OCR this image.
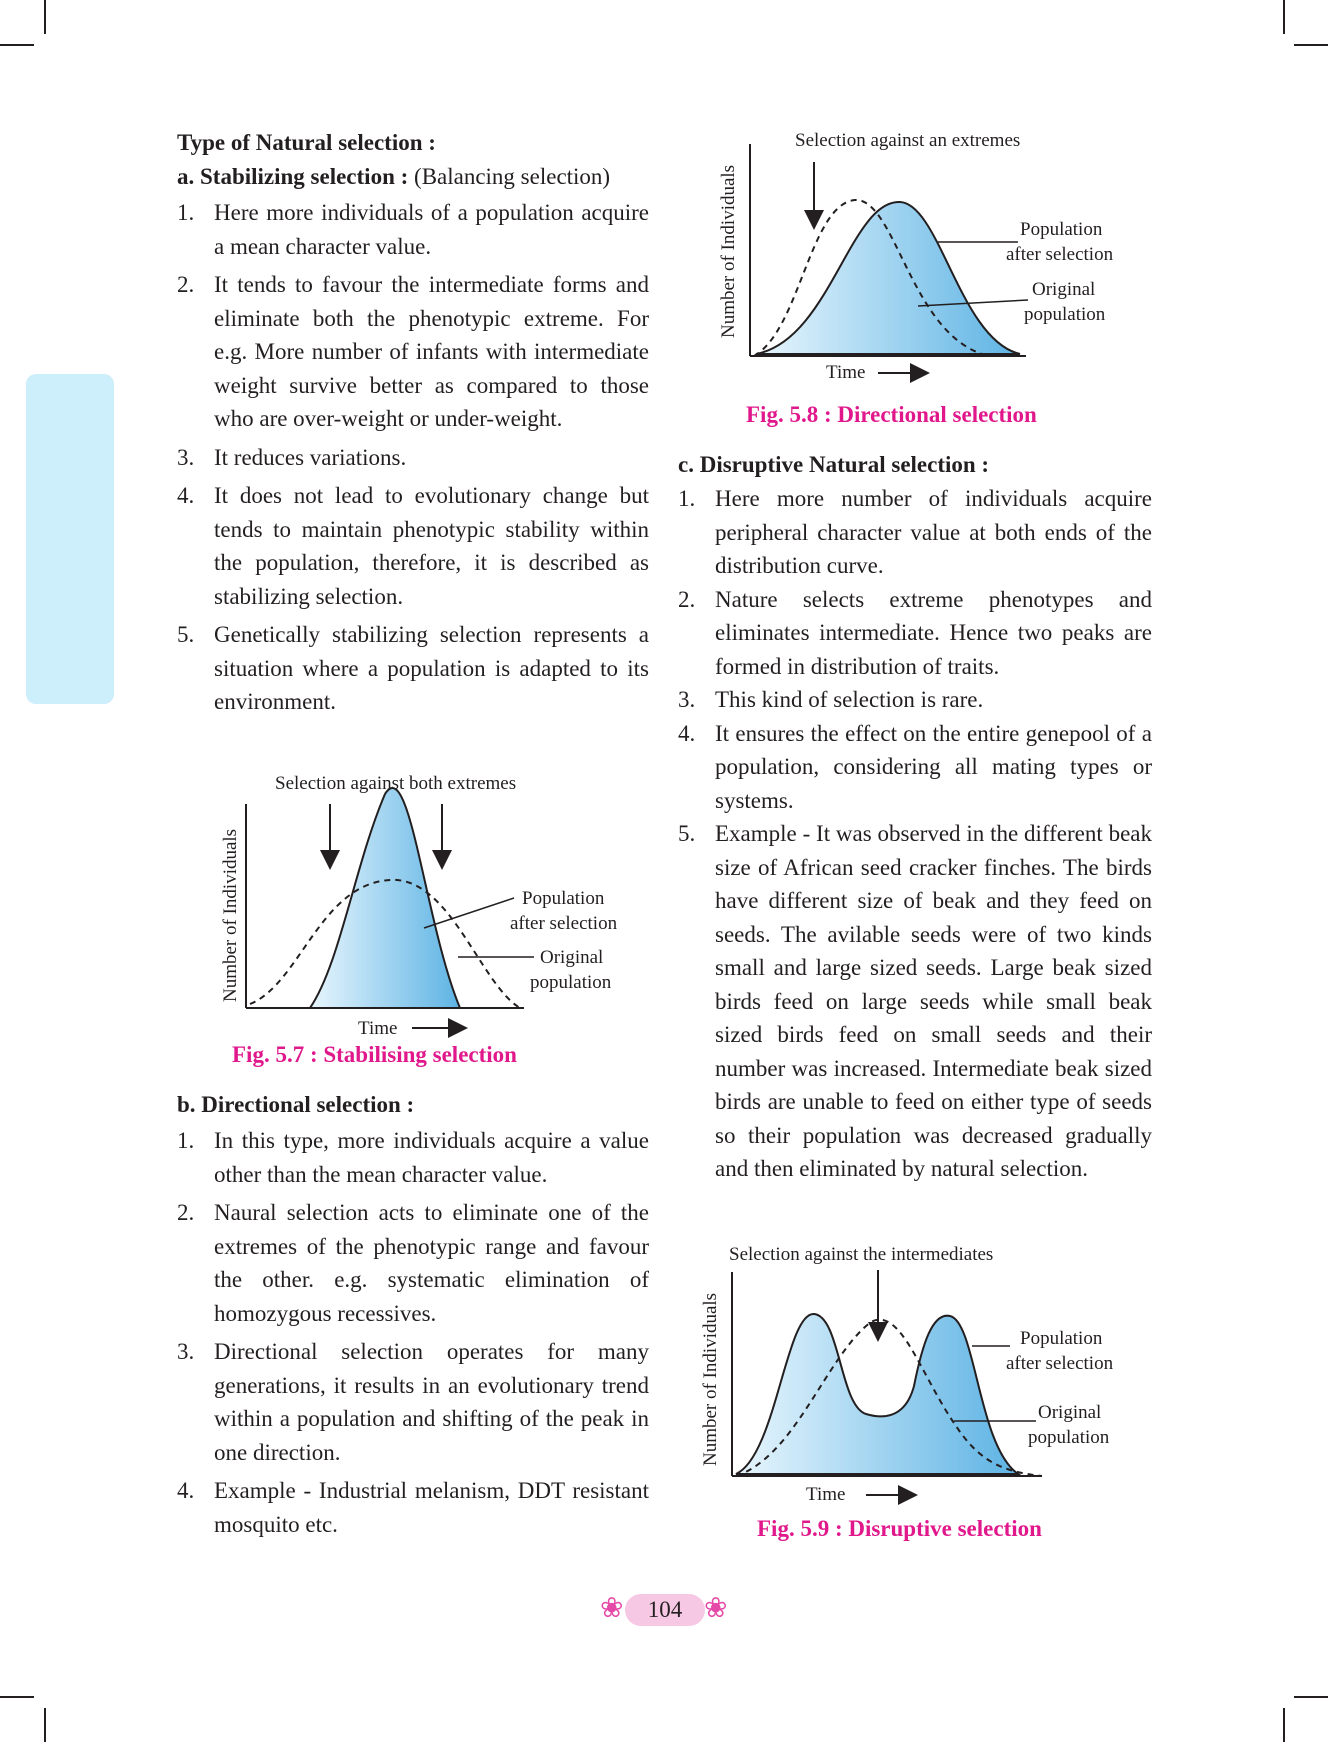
Type of Natural selection :
a. Stabilizing selection : (Balancing selection)
1. Here more individuals of a population acquire a mean character value.
2. It tends to favour the intermediate forms and eliminate both the phenotypic extreme. For e.g. More number of infants with intermediate weight survive better as compared to those who are over-weight or under-weight.
3. It reduces variations.
4. It does not lead to evolutionary change but tends to maintain phenotypic stability within the population, therefore, it is described as stabilizing selection.
5. Genetically stabilizing selection represents a situation where a population is adapted to its environment.
Selection against both extremes
Number of Individuals	Population
after selection
Original
population
Time
Fig. 5.7 : Stabilising selection
b. Directional selection :
1. In this type, more individuals acquire a value other than the mean character value.
2. Naural selection acts to eliminate one of the extremes of the phenotypic range and favour the other. e.g. systematic elimination of homozygous recessives.
3. Directional selection operates for many generations, it results in an evolutionary trend within a population and shifting of the peak in one direction.
4. Example - Industrial melanism, DDT resistant mosquito etc.
Selection against an extremes
Number of Individuals	Population
after selection
Original
population
Time
Fig. 5.8 : Directional selection
c. Disruptive Natural selection :
1. Here more number of individuals acquire peripheral character value at both ends of the distribution curve.
2. Nature selects extreme phenotypes and eliminates intermediate. Hence two peaks are formed in distribution of traits.
3. This kind of selection is rare.
4. It ensures the effect on the entire genepool of a population, considering all mating types or systems.
5. Example - It was observed in the different beak size of African seed cracker finches. The birds have different size of beak and they feed on seeds. The avilable seeds were of two kinds small and large sized seeds. Large beak sized birds feed on large seeds while small beak sized birds feed on small seeds and their number was increased. Intermediate beak sized birds are unable to feed on either type of seeds so their population was decreased gradually and then eliminated by natural selection.
Selection against the intermediates
Number of Individuals	Population
after selection
Original
population
Time
Fig. 5.9 : Disruptive selection
❀	104 ❀
